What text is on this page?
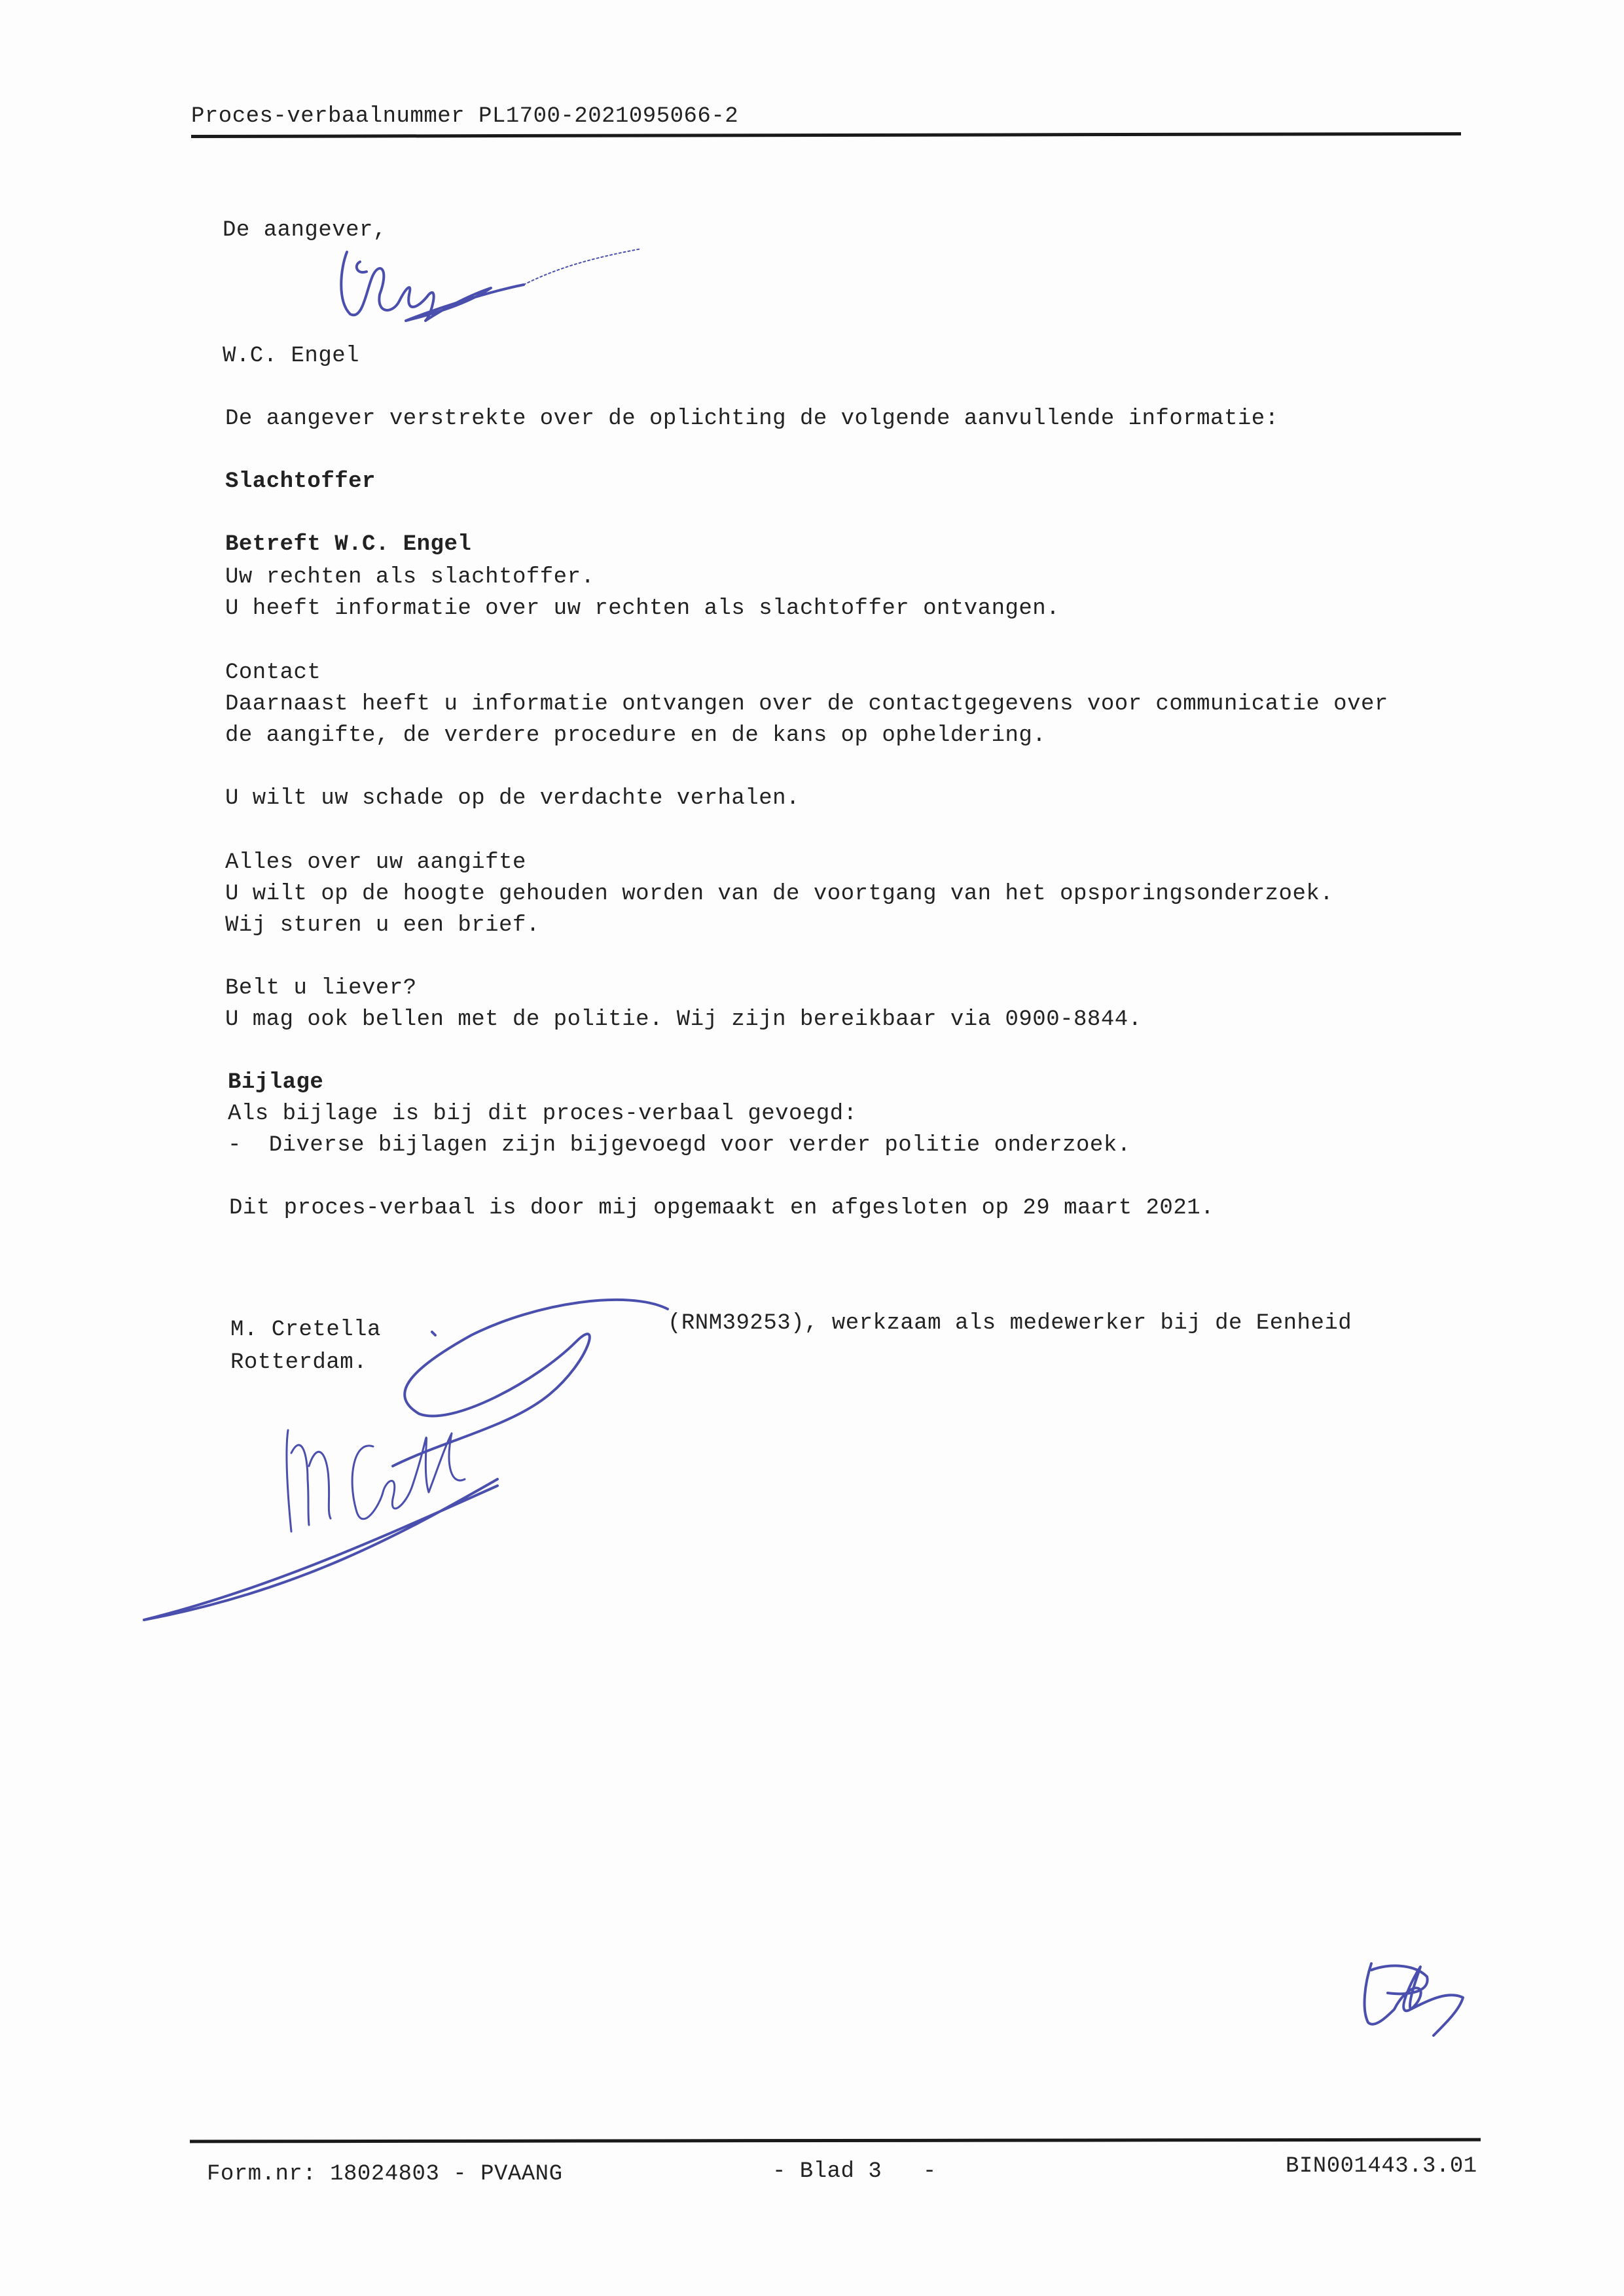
Proces-verbaalnummer PL1700-2021095066-2
De aangever,
W.C. Engel
De aangever verstrekte over de oplichting de volgende aanvullende informatie:
Slachtoffer
Betreft W.C. Engel
Uw rechten als slachtoffer.
U heeft informatie over uw rechten als slachtoffer ontvangen.
Contact
Daarnaast heeft u informatie ontvangen over de contactgegevens voor communicatie over
de aangifte, de verdere procedure en de kans op opheldering.
U wilt uw schade op de verdachte verhalen.
Alles over uw aangifte
U wilt op de hoogte gehouden worden van de voortgang van het opsporingsonderzoek.
Wij sturen u een brief.
Belt u liever?
U mag ook bellen met de politie. Wij zijn bereikbaar via 0900-8844.
Bijlage
Als bijlage is bij dit proces-verbaal gevoegd:
-  Diverse bijlagen zijn bijgevoegd voor verder politie onderzoek.
Dit proces-verbaal is door mij opgemaakt en afgesloten op 29 maart 2021.
M. Cretella	(RNM39253), werkzaam als medewerker bij de Eenheid
Rotterdam.
Form.nr: 18024803 - PVAANG	- Blad 3   -	BIN001443.3.01
